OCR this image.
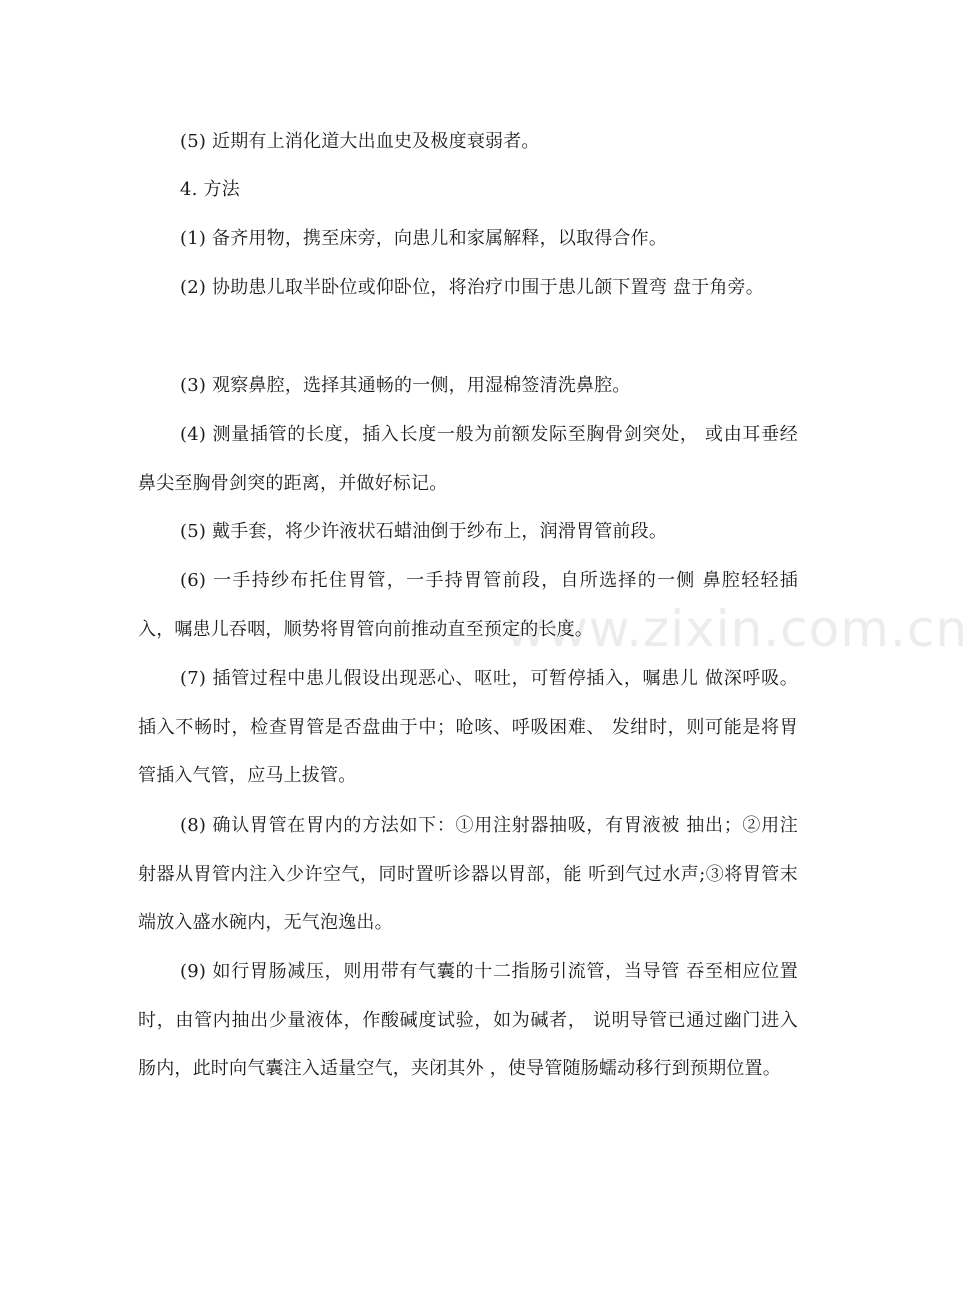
www.zixin.com.cn

(5) 近期有上消化道大出血史及极度衰弱者。

4. 方法

(1) 备齐用物，携至床旁，向患儿和家属解释，以取得合作。

(2) 协助患儿取半卧位或仰卧位，将治疗巾围于患儿颌下置弯 盘于角旁。

(3) 观察鼻腔，选择其通畅的一侧，用湿棉签清洗鼻腔。

(4) 测量插管的长度，插入长度一般为前额发际至胸骨剑突处， 或由耳垂经鼻尖至胸骨剑突的距离，并做好标记。

(5) 戴手套，将少许液状石蜡油倒于纱布上，润滑胃管前段。

(6) 一手持纱布托住胃管，一手持胃管前段，自所选择的一侧 鼻腔轻轻插入，嘱患儿吞咽，顺势将胃管向前推动直至预定的长度。

(7) 插管过程中患儿假设出现恶心、呕吐，可暂停插入，嘱患儿 做深呼吸。插入不畅时，检查胃管是否盘曲于中；呛咳、呼吸困难、 发绀时，则可能是将胃管插入气管，应马上拔管。

(8) 确认胃管在胃内的方法如下：①用注射器抽吸，有胃液被 抽出；②用注射器从胃管内注入少许空气，同时置听诊器以胃部，能 听到气过水声;③将胃管末端放入盛水碗内，无气泡逸出。

(9) 如行胃肠减压，则用带有气囊的十二指肠引流管，当导管 吞至相应位置时，由管内抽出少量液体，作酸碱度试验，如为碱者， 说明导管已通过幽门进入肠内，此时向气囊注入适量空气，夹闭其外 ，使导管随肠蠕动移行到预期位置。
